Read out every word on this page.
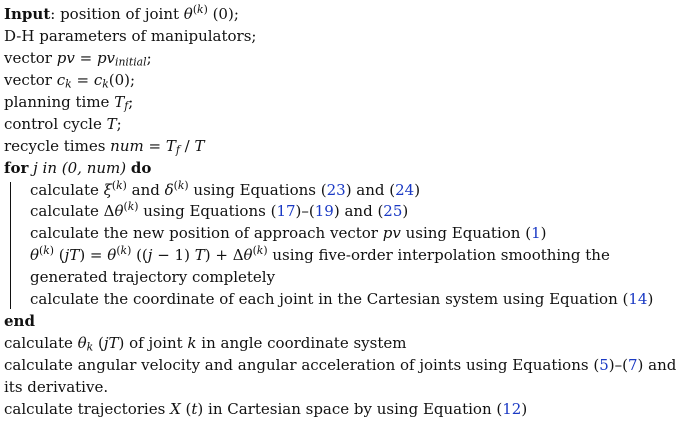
Input: position of joint $\theta^{(k)}$ (0);
D-H parameters of manipulators;
vector pv = $pv_{initial}$;
vector $c_k = c_k(0)$;
planning time $T_f$;
control cycle T;
recycle times num = $T_f$ / T
for j in (0, num) do
calculate $\xi^{(k)}$ and $\delta^{(k)}$ using Equations (23) and (24)
calculate $\Delta\theta^{(k)}$ using Equations (17)–(19) and (25)
calculate the new position of approach vector pv using Equation (1)
$\theta^{(k)}$ $(jT) = \theta^{(k)}$ ((j − 1) $T) + \Delta\theta^{(k)}$ using five-order interpolation smoothing the generated trajectory completely
calculate the coordinate of each joint in the Cartesian system using Equation (14)
end
calculate $\theta_k$ (jT) of joint k in angle coordinate system
calculate angular velocity and angular acceleration of joints using Equations (5)–(7) and its derivative.
calculate trajectories X (t) in Cartesian space by using Equation (12)
